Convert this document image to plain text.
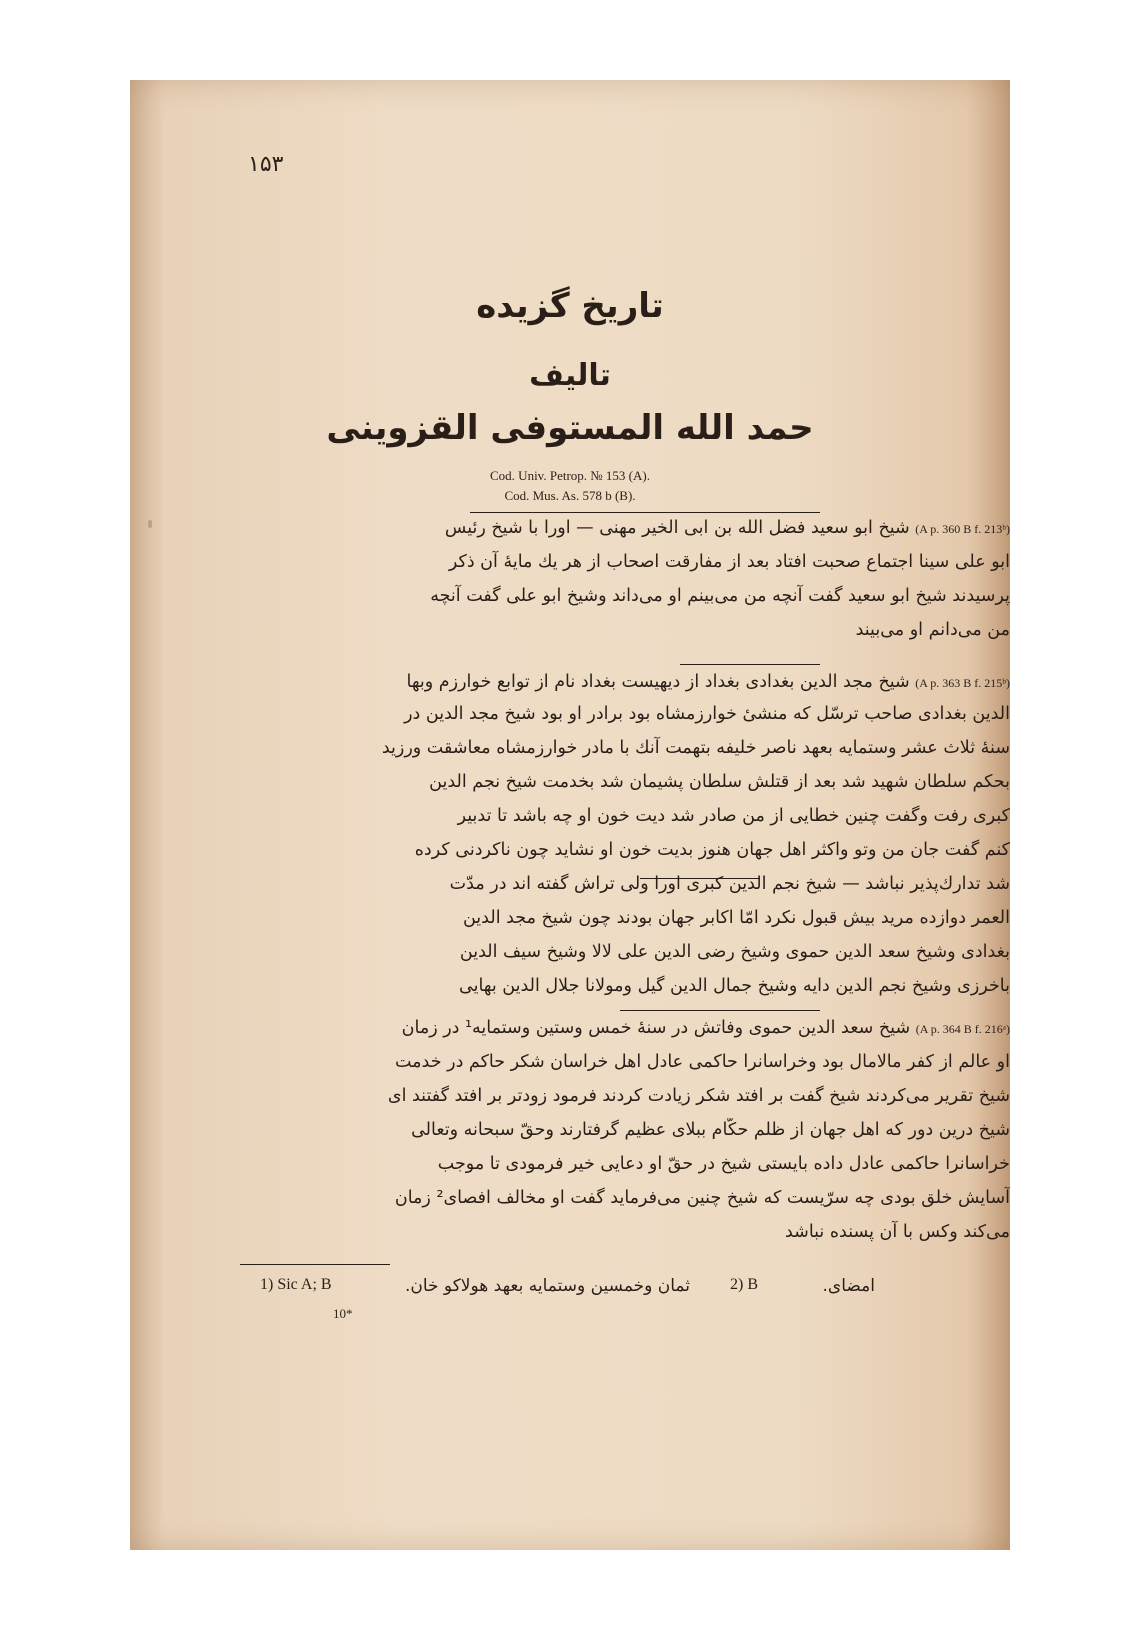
۱۵۳
تاریخ گزیده
تالیف
حمد الله المستوفی القزوینی
Cod. Univ. Petrop. № 153 (A).
Cod. Mus. As. 578 b (B).
(A p. 360 B f. 213ᵇ) شیخ ابو سعید فضل الله بن ابی الخیر مهنی — اورا با شیخ رئیس
ابو علی سینا اجتماع صحبت افتاد بعد از مفارقت اصحاب از هر یك مایهٔ آن ذکر
پرسیدند شیخ ابو سعید گفت آنچه من می‌بینم او می‌داند وشیخ ابو علی گفت آنچه
من می‌دانم او می‌بیند
(A p. 363 B f. 215ᵇ) شیخ مجد الدین بغدادی بغداد از دیهیست بغداد نام از توابع خوارزم وبها
الدین بغدادی صاحب ترسّل که منشیٔ خوارزمشاه بود برادر او بود شیخ مجد الدین در
سنهٔ ثلاث عشر وستمایه بعهد ناصر خلیفه بتهمت آنك با مادر خوارزمشاه معاشقت ورزید
بحکم سلطان شهید شد بعد از قتلش سلطان پشیمان شد بخدمت شیخ نجم الدین
کبری رفت وگفت چنین خطایی از من صادر شد دیت خون او چه باشد تا تدبیر
کنم گفت جان من وتو واکثر اهل جهان هنوز بدیت خون او نشاید چون ناکردنی کرده
شد تدارك‌پذیر نباشد — شیخ نجم الدین کبری اورا ولی تراش گفته اند در مدّت
العمر دوازده مرید بیش قبول نکرد امّا اکابر جهان بودند چون شیخ مجد الدین
بغدادی وشیخ سعد الدین حموی وشیخ رضی الدین علی لالا وشیخ سیف الدین
باخرزی وشیخ نجم الدین دایه وشیخ جمال الدین گیل ومولانا جلال الدین بهایی
(A p. 364 B f. 216ᵃ) شیخ سعد الدین حموی وفاتش در سنهٔ خمس وستین وستمایه¹ در زمان
او عالم از کفر مالامال بود وخراسانرا حاکمی عادل اهل خراسان شکر حاکم در خدمت
شیخ تقریر می‌کردند شیخ گفت بر افتد شکر زیادت کردند فرمود زودتر بر افتد گفتند ای
شیخ درین دور که اهل جهان از ظلم حکّام ببلای عظیم گرفتارند وحقّ سبحانه وتعالی
خراسانرا حاکمی عادل داده بایستی شیخ در حقّ او دعایی خیر فرمودی تا موجب
آسایش خلق بودی چه سرّیست که شیخ چنین می‌فرماید گفت او مخالف افصای² زمان
می‌کند وکس با آن پسنده نباشد
1) Sic A; B	ثمان وخمسین وستمایه بعهد هولاکو خان.	2) B	امضای.
10*
